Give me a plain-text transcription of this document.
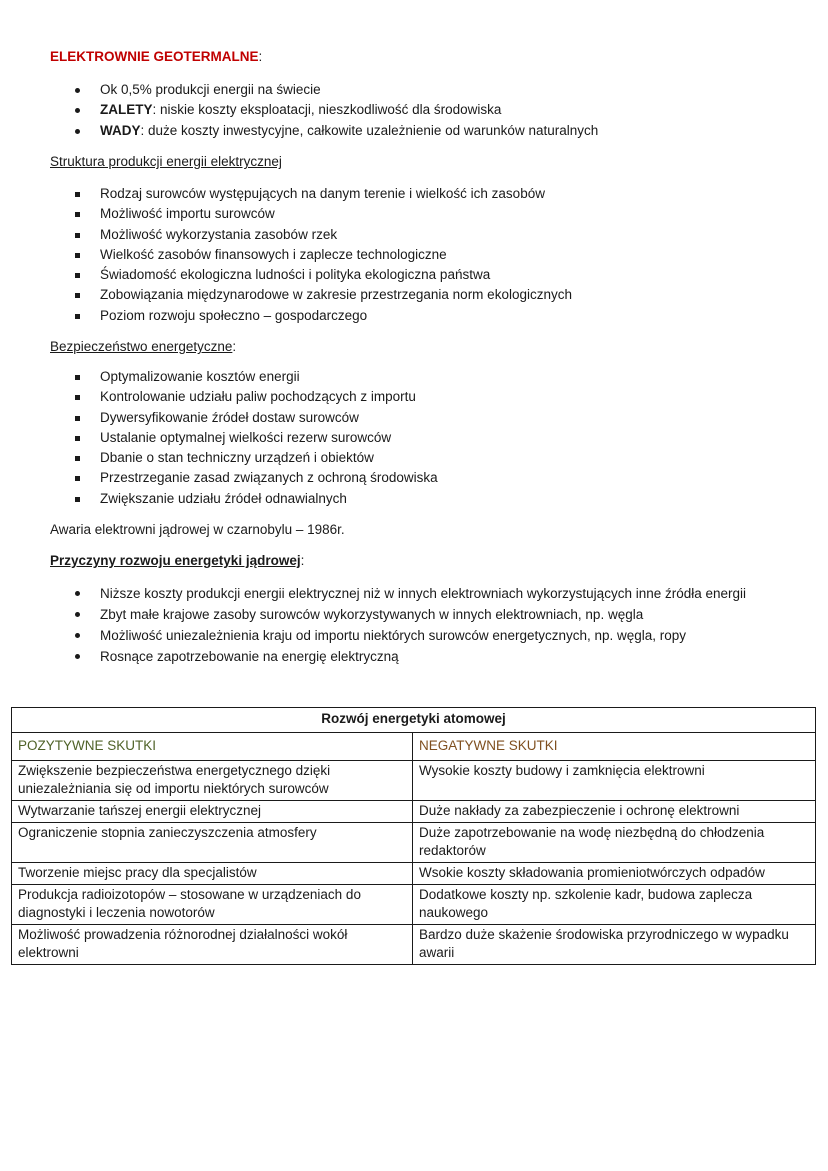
ELEKTROWNIE GEOTERMALNE:
Ok 0,5% produkcji energii na świecie
ZALETY: niskie koszty eksploatacji, nieszkodliwość dla środowiska
WADY: duże koszty inwestycyjne, całkowite uzależnienie od warunków naturalnych
Struktura produkcji energii elektrycznej
Rodzaj surowców występujących na danym terenie i wielkość ich zasobów
Możliwość importu surowców
Możliwość wykorzystania zasobów rzek
Wielkość zasobów finansowych i zaplecze technologiczne
Świadomość ekologiczna ludności i polityka ekologiczna państwa
Zobowiązania międzynarodowe w zakresie przestrzegania norm ekologicznych
Poziom rozwoju społeczno – gospodarczego
Bezpieczeństwo energetyczne:
Optymalizowanie kosztów energii
Kontrolowanie udziału paliw pochodzących z importu
Dywersyfikowanie źródeł dostaw surowców
Ustalanie optymalnej wielkości rezerw surowców
Dbanie o stan techniczny urządzeń i obiektów
Przestrzeganie zasad związanych z ochroną środowiska
Zwiększanie udziału źródeł odnawialnych
Awaria elektrowni jądrowej w czarnobylu – 1986r.
Przyczyny rozwoju energetyki jądrowej:
Niższe koszty produkcji energii elektrycznej niż w innych elektrowniach wykorzystujących inne źródła energii
Zbyt małe krajowe zasoby surowców wykorzystywanych w innych elektrowniach, np. węgla
Możliwość uniezależnienia kraju od importu niektórych surowców energetycznych, np. węgla, ropy
Rosnące zapotrzebowanie na energię elektryczną
Rozwój energetyki atomowej	
POZYTYWNE SKUTKI	NEGATYWNE SKUTKI
Zwiększenie bezpieczeństwa energetycznego dzięki uniezależniania się od importu niektórych surowców	Wysokie koszty budowy i zamknięcia elektrowni
Wytwarzanie tańszej energii elektrycznej	Duże nakłady za zabezpieczenie i ochronę elektrowni
Ograniczenie stopnia zanieczyszczenia atmosfery	Duże zapotrzebowanie na wodę niezbędną do chłodzenia redaktorów
Tworzenie miejsc pracy dla specjalistów	Wsokie koszty składowania promieniotwórczych odpadów
Produkcja radioizotopów – stosowane w urządzeniach do diagnostyki i leczenia nowotorów	Dodatkowe koszty np. szkolenie kadr, budowa zaplecza naukowego
Możliwość prowadzenia różnorodnej działalności wokół elektrowni	Bardzo duże skażenie środowiska przyrodniczego w wypadku awarii
